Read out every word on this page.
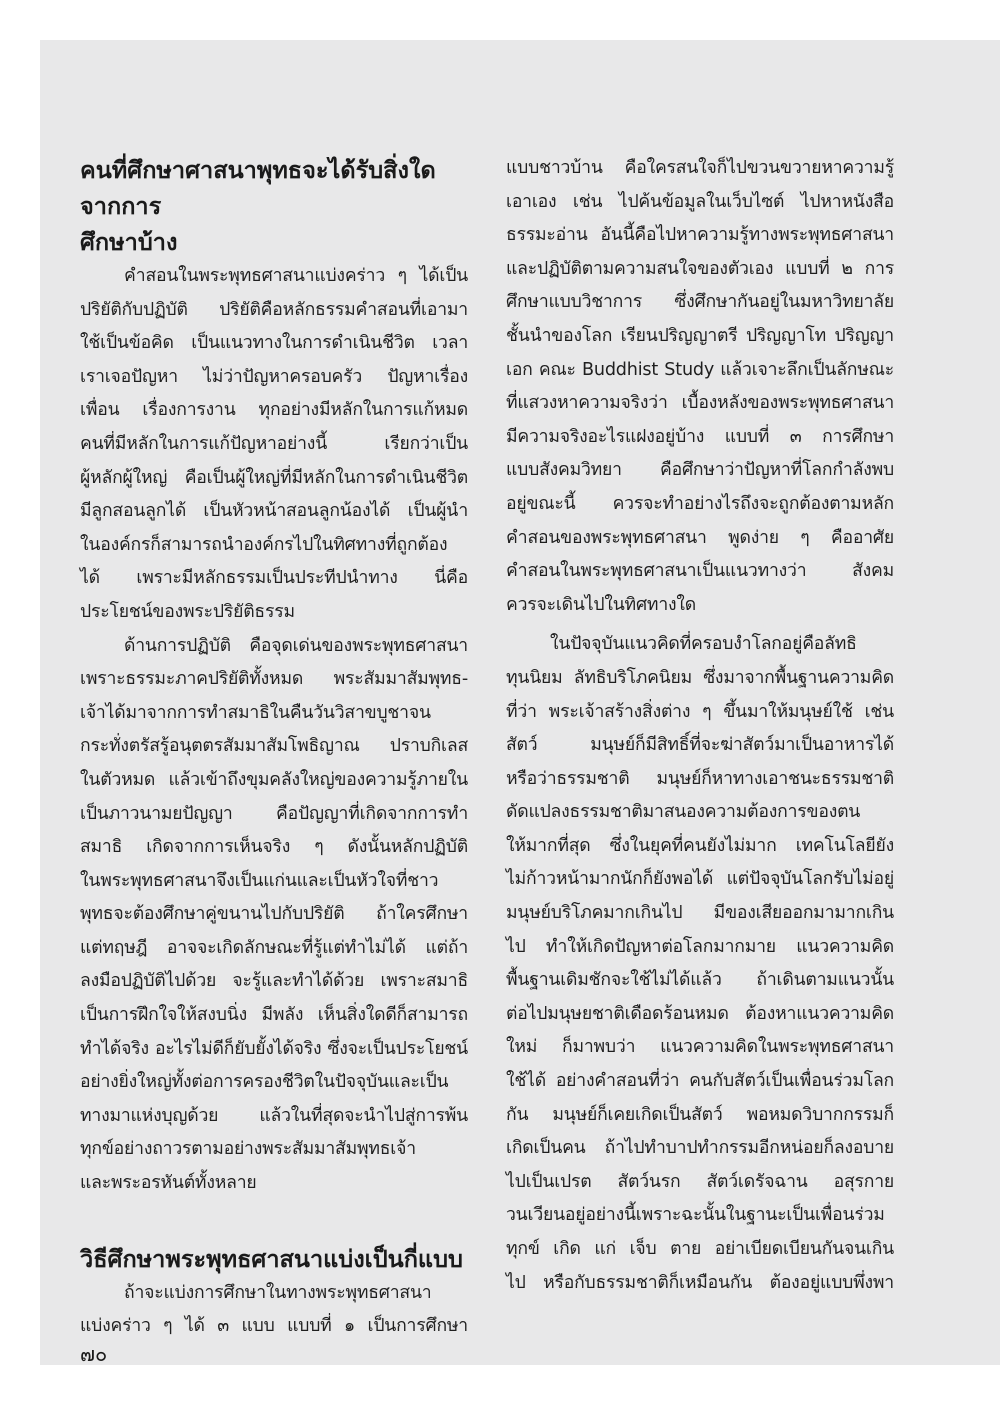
คนที่ศึกษาศาสนาพุทธจะได้รับสิ่งใดจากการ
ศึกษาบ้าง
คำสอนในพระพุทธศาสนาแบ่งคร่าว ๆ ได้เป็น
ปริยัติกับปฏิบัติ ปริยัติคือหลักธรรมคำสอนที่เอามา
ใช้เป็นข้อคิด เป็นแนวทางในการดำเนินชีวิต เวลา
เราเจอปัญหา ไม่ว่าปัญหาครอบครัว ปัญหาเรื่อง
เพื่อน เรื่องการงาน ทุกอย่างมีหลักในการแก้หมด
คนที่มีหลักในการแก้ปัญหาอย่างนี้ เรียกว่าเป็น
ผู้หลักผู้ใหญ่ คือเป็นผู้ใหญ่ที่มีหลักในการดำเนินชีวิต
มีลูกสอนลูกได้ เป็นหัวหน้าสอนลูกน้องได้ เป็นผู้นำ
ในองค์กรก็สามารถนำองค์กรไปในทิศทางที่ถูกต้อง
ได้ เพราะมีหลักธรรมเป็นประทีปนำทาง นี่คือ
ประโยชน์ของพระปริยัติธรรม
ด้านการปฏิบัติ คือจุดเด่นของพระพุทธศาสนา
เพราะธรรมะภาคปริยัติทั้งหมด พระสัมมาสัมพุทธ-
เจ้าได้มาจากการทำสมาธิในคืนวันวิสาขบูชาจน
กระทั่งตรัสรู้อนุตตรสัมมาสัมโพธิญาณ ปราบกิเลส
ในตัวหมด แล้วเข้าถึงขุมคลังใหญ่ของความรู้ภายใน
เป็นภาวนามยปัญญา คือปัญญาที่เกิดจากการทำ
สมาธิ เกิดจากการเห็นจริง ๆ ดังนั้นหลักปฏิบัติ
ในพระพุทธศาสนาจึงเป็นแก่นและเป็นหัวใจที่ชาว
พุทธจะต้องศึกษาคู่ขนานไปกับปริยัติ ถ้าใครศึกษา
แต่ทฤษฎี อาจจะเกิดลักษณะที่รู้แต่ทำไม่ได้ แต่ถ้า
ลงมือปฏิบัติไปด้วย จะรู้และทำได้ด้วย เพราะสมาธิ
เป็นการฝึกใจให้สงบนิ่ง มีพลัง เห็นสิ่งใดดีก็สามารถ
ทำได้จริง อะไรไม่ดีก็ยับยั้งได้จริง ซึ่งจะเป็นประโยชน์
อย่างยิ่งใหญ่ทั้งต่อการครองชีวิตในปัจจุบันและเป็น
ทางมาแห่งบุญด้วย แล้วในที่สุดจะนำไปสู่การพ้น
ทุกข์อย่างถาวรตามอย่างพระสัมมาสัมพุทธเจ้า
และพระอรหันต์ทั้งหลาย
วิธีศึกษาพระพุทธศาสนาแบ่งเป็นกี่แบบ
ถ้าจะแบ่งการศึกษาในทางพระพุทธศาสนา
แบ่งคร่าว ๆ ได้ ๓ แบบ แบบที่ ๑ เป็นการศึกษา
แบบชาวบ้าน คือใครสนใจก็ไปขวนขวายหาความรู้
เอาเอง เช่น ไปค้นข้อมูลในเว็บไซต์ ไปหาหนังสือ
ธรรมะอ่าน อันนี้คือไปหาความรู้ทางพระพุทธศาสนา
และปฏิบัติตามความสนใจของตัวเอง แบบที่ ๒ การ
ศึกษาแบบวิชาการ ซึ่งศึกษากันอยู่ในมหาวิทยาลัย
ชั้นนำของโลก เรียนปริญญาตรี ปริญญาโท ปริญญา
เอก คณะ Buddhist Study แล้วเจาะลึกเป็นลักษณะ
ที่แสวงหาความจริงว่า เบื้องหลังของพระพุทธศาสนา
มีความจริงอะไรแฝงอยู่บ้าง แบบที่ ๓ การศึกษา
แบบสังคมวิทยา คือศึกษาว่าปัญหาที่โลกกำลังพบ
อยู่ขณะนี้ ควรจะทำอย่างไรถึงจะถูกต้องตามหลัก
คำสอนของพระพุทธศาสนา พูดง่าย ๆ คืออาศัย
คำสอนในพระพุทธศาสนาเป็นแนวทางว่า สังคม
ควรจะเดินไปในทิศทางใด
ในปัจจุบันแนวคิดที่ครอบงำโลกอยู่คือลัทธิ
ทุนนิยม ลัทธิบริโภคนิยม ซึ่งมาจากพื้นฐานความคิด
ที่ว่า พระเจ้าสร้างสิ่งต่าง ๆ ขึ้นมาให้มนุษย์ใช้ เช่น
สัตว์ มนุษย์ก็มีสิทธิ์ที่จะฆ่าสัตว์มาเป็นอาหารได้
หรือว่าธรรมชาติ มนุษย์ก็หาทางเอาชนะธรรมชาติ
ดัดแปลงธรรมชาติมาสนองความต้องการของตน
ให้มากที่สุด ซึ่งในยุคที่คนยังไม่มาก เทคโนโลยียัง
ไม่ก้าวหน้ามากนักก็ยังพอได้ แต่ปัจจุบันโลกรับไม่อยู่
มนุษย์บริโภคมากเกินไป มีของเสียออกมามากเกิน
ไป ทำให้เกิดปัญหาต่อโลกมากมาย แนวความคิด
พื้นฐานเดิมชักจะใช้ไม่ได้แล้ว ถ้าเดินตามแนวนั้น
ต่อไปมนุษยชาติเดือดร้อนหมด ต้องหาแนวความคิด
ใหม่ ก็มาพบว่า แนวความคิดในพระพุทธศาสนา
ใช้ได้ อย่างคำสอนที่ว่า คนกับสัตว์เป็นเพื่อนร่วมโลก
กัน มนุษย์ก็เคยเกิดเป็นสัตว์ พอหมดวิบากกรรมก็
เกิดเป็นคน ถ้าไปทำบาปทำกรรมอีกหน่อยก็ลงอบาย
ไปเป็นเปรต สัตว์นรก สัตว์เดรัจฉาน อสุรกาย
วนเวียนอยู่อย่างนี้เพราะฉะนั้นในฐานะเป็นเพื่อนร่วม
ทุกข์ เกิด แก่ เจ็บ ตาย อย่าเบียดเบียนกันจนเกิน
ไป หรือกับธรรมชาติก็เหมือนกัน ต้องอยู่แบบพึ่งพา
๗๐
